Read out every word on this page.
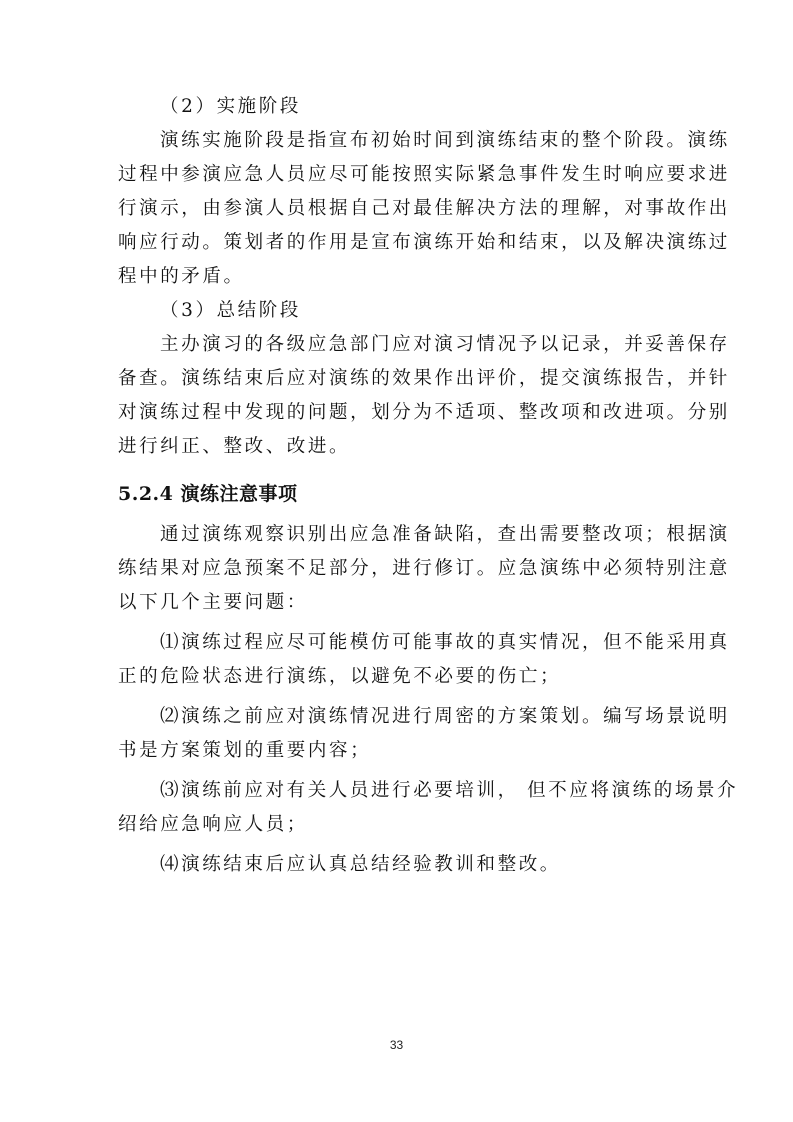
（2）实施阶段
演练实施阶段是指宣布初始时间到演练结束的整个阶段。演练
过程中参演应急人员应尽可能按照实际紧急事件发生时响应要求进
行演示，由参演人员根据自己对最佳解决方法的理解，对事故作出
响应行动。策划者的作用是宣布演练开始和结束，以及解决演练过
程中的矛盾。
（3）总结阶段
主办演习的各级应急部门应对演习情况予以记录，并妥善保存
备查。演练结束后应对演练的效果作出评价，提交演练报告，并针
对演练过程中发现的问题，划分为不适项、整改项和改进项。分别
进行纠正、整改、改进。
5.2.4 演练注意事项
通过演练观察识别出应急准备缺陷，查出需要整改项；根据演
练结果对应急预案不足部分，进行修订。应急演练中必须特别注意
以下几个主要问题：
⑴演练过程应尽可能模仿可能事故的真实情况，但不能采用真
正的危险状态进行演练，以避免不必要的伤亡；
⑵演练之前应对演练情况进行周密的方案策划。编写场景说明
书是方案策划的重要内容；
⑶演练前应对有关人员进行必要培训， 但不应将演练的场景介
绍给应急响应人员；
⑷演练结束后应认真总结经验教训和整改。
33
